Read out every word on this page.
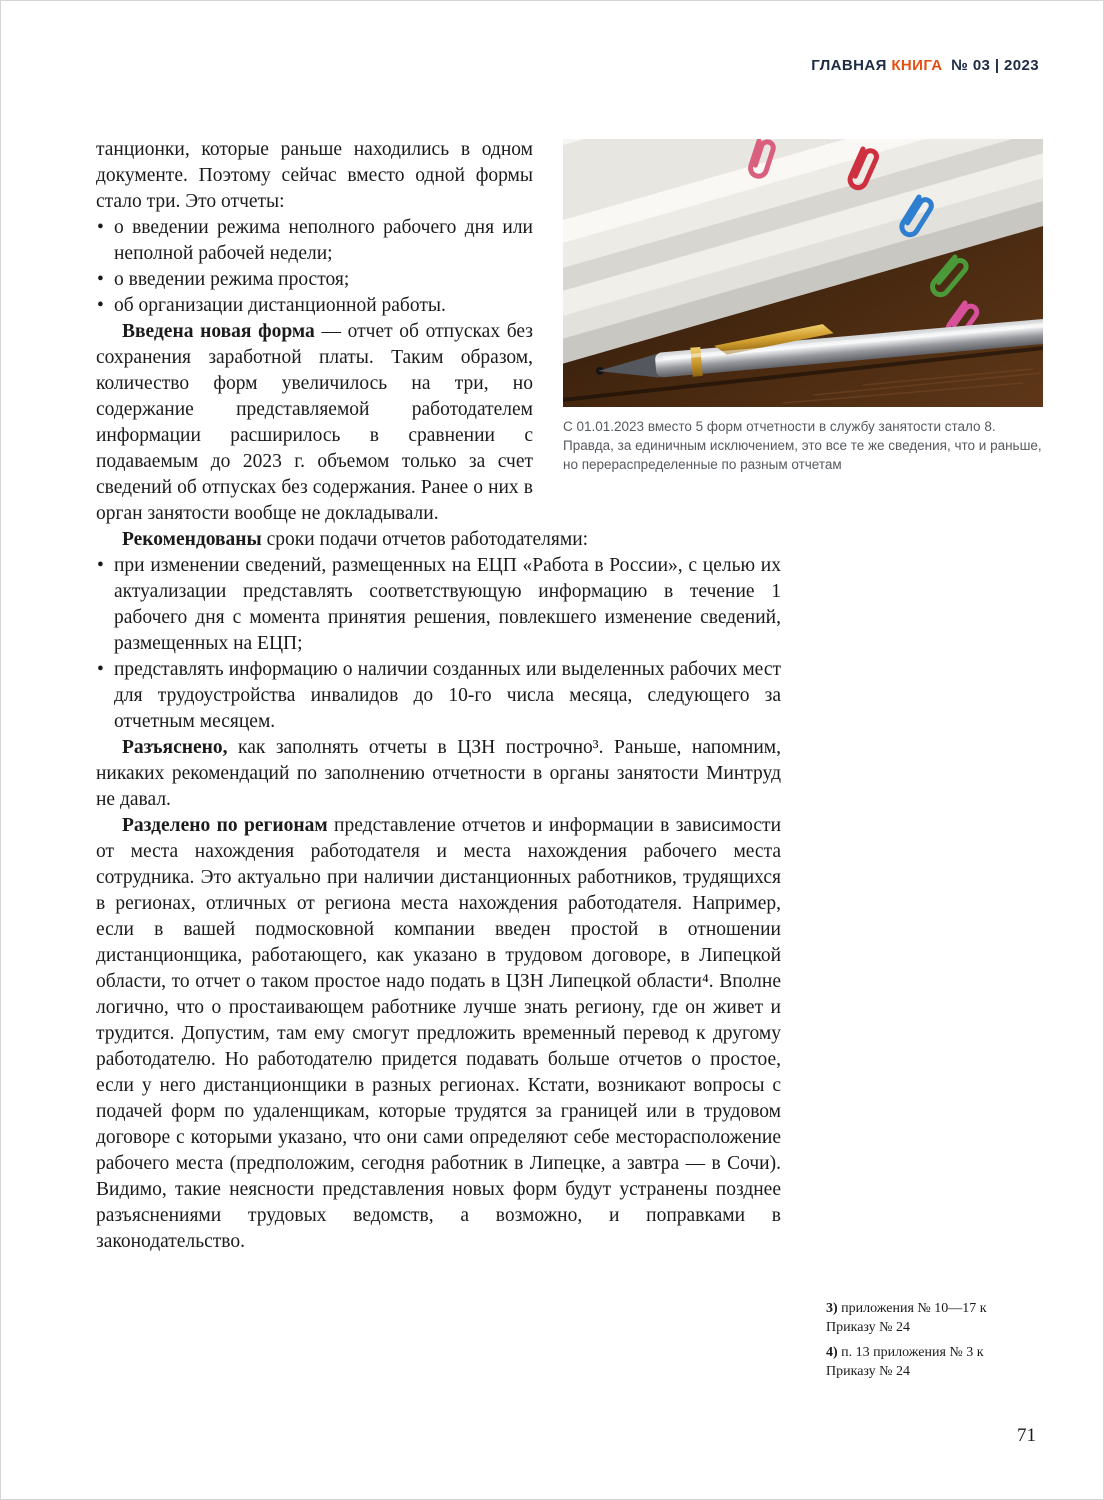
ГЛАВНАЯ КНИГА № 03 | 2023
С 01.01.2023 вместо 5 форм отчетности в службу занятости стало 8. Правда, за единичным исключением, это все те же сведения, что и раньше, но перераспределенные по разным отчетам

танционки, которые раньше находились в одном документе. Поэтому сейчас вместо одной формы стало три. Это отчеты:

• о введении режима неполного рабочего дня или неполной рабочей недели;
• о введении режима простоя;
• об организации дистанционной работы.

Введена новая форма — отчет об отпусках без сохранения заработной платы. Таким образом, количество форм увеличилось на три, но содержание представляемой работодателем информации расширилось в сравнении с подаваемым до 2023 г. объемом только за счет сведений об отпусках без содержания. Ранее о них в орган занятости вообще не докладывали.

Рекомендованы сроки подачи отчетов работодателями:

• при изменении сведений, размещенных на ЕЦП «Работа в России», с целью их актуализации представлять соответствующую информацию в течение 1 рабочего дня с момента принятия решения, повлекшего изменение сведений, размещенных на ЕЦП;
• представлять информацию о наличии созданных или выделенных рабочих мест для трудоустройства инвалидов до 10-го числа месяца, следующего за отчетным месяцем.

Разъяснено, как заполнять отчеты в ЦЗН построчно³. Раньше, напомним, никаких рекомендаций по заполнению отчетности в органы занятости Минтруд не давал.

Разделено по регионам представление отчетов и информации в зависимости от места нахождения работодателя и места нахождения рабочего места сотрудника. Это актуально при наличии дистанционных работников, трудящихся в регионах, отличных от региона места нахождения работодателя. Например, если в вашей подмосковной компании введен простой в отношении дистанционщика, работающего, как указано в трудовом договоре, в Липецкой области, то отчет о таком простое надо подать в ЦЗН Липецкой области⁴. Вполне логично, что о простаивающем работнике лучше знать региону, где он живет и трудится. Допустим, там ему смогут предложить временный перевод к другому работодателю. Но работодателю придется подавать больше отчетов о простое, если у него дистанционщики в разных регионах. Кстати, возникают вопросы с подачей форм по удаленщикам, которые трудятся за границей или в трудовом договоре с которыми указано, что они сами определяют себе месторасположение рабочего места (предположим, сегодня работник в Липецке, а завтра — в Сочи). Видимо, такие неясности представления новых форм будут устранены позднее разъяснениями трудовых ведомств, а возможно, и поправками в законодательство.

3) приложения № 10—17 к Приказу № 24

4) п. 13 приложения № 3 к Приказу № 24

71
